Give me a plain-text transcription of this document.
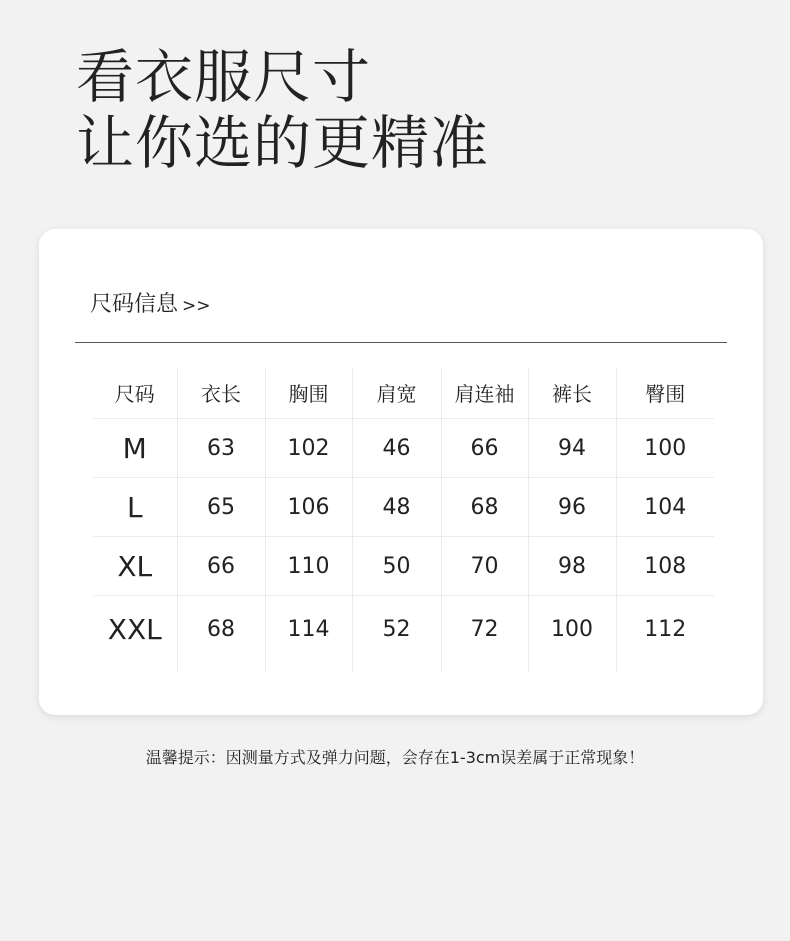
看衣服尺寸
让你选的更精准
尺码信息 >>
尺码	衣长	胸围	肩宽	肩连袖	裤长	臀围
M	63	102	46	66	94	100
L	65	106	48	68	96	104
XL	66	110	50	70	98	108
XXL	68	114	52	72	100	112
温馨提示：因测量方式及弹力问题，会存在1-3cm误差属于正常现象！
